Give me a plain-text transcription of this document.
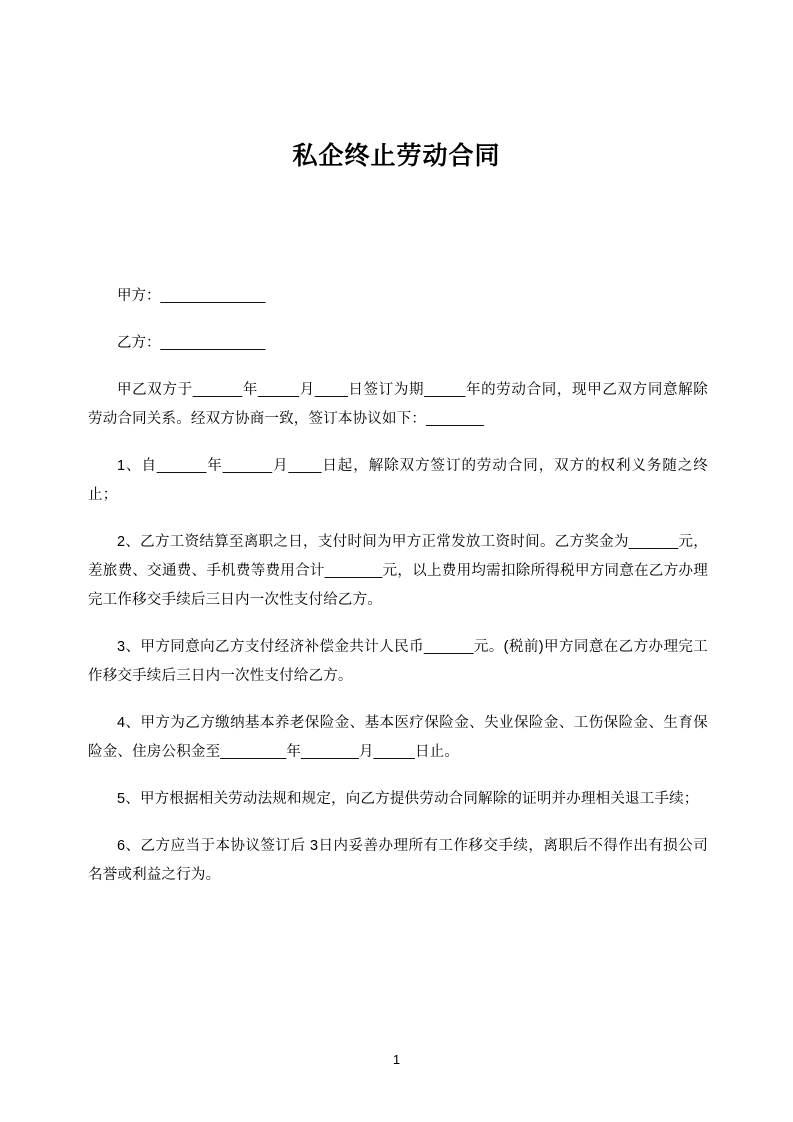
私企终止劳动合同

甲方：_____________

乙方：_____________

甲乙双方于______年_____月____日签订为期_____年的劳动合同，现甲乙双方同意解除劳动合同关系。经双方协商一致，签订本协议如下：_______

1、自______年______月____日起，解除双方签订的劳动合同，双方的权利义务随之终止；

2、乙方工资结算至离职之日，支付时间为甲方正常发放工资时间。乙方奖金为______元，差旅费、交通费、手机费等费用合计_______元，以上费用均需扣除所得税甲方同意在乙方办理完工作移交手续后三日内一次性支付给乙方。

3、甲方同意向乙方支付经济补偿金共计人民币______元。(税前)甲方同意在乙方办理完工作移交手续后三日内一次性支付给乙方。

4、甲方为乙方缴纳基本养老保险金、基本医疗保险金、失业保险金、工伤保险金、生育保险金、住房公积金至________年_______月_____日止。

5、甲方根据相关劳动法规和规定，向乙方提供劳动合同解除的证明并办理相关退工手续；

6、乙方应当于本协议签订后 3日内妥善办理所有工作移交手续，离职后不得作出有损公司名誉或利益之行为。

1
